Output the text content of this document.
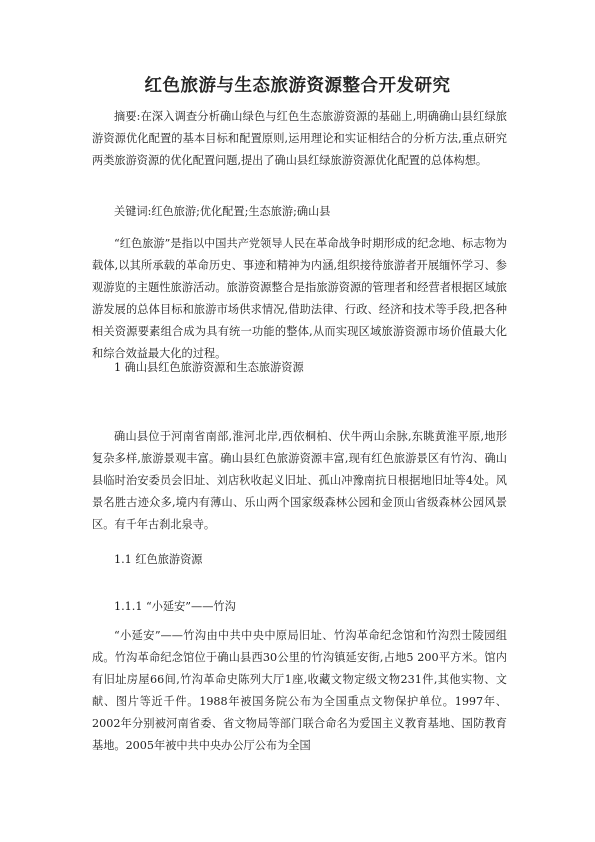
红色旅游与生态旅游资源整合开发研究

摘要:在深入调查分析确山绿色与红色生态旅游资源的基础上,明确确山县红绿旅游资源优化配置的基本目标和配置原则,运用理论和实证相结合的分析方法,重点研究两类旅游资源的优化配置问题,提出了确山县红绿旅游资源优化配置的总体构想。

关键词:红色旅游;优化配置;生态旅游;确山县

“红色旅游”是指以中国共产党领导人民在革命战争时期形成的纪念地、标志物为载体,以其所承载的革命历史、事迹和精神为内涵,组织接待旅游者开展缅怀学习、参观游览的主题性旅游活动。旅游资源整合是指旅游资源的管理者和经营者根据区域旅游发展的总体目标和旅游市场供求情况,借助法律、行政、经济和技术等手段,把各种相关资源要素组合成为具有统一功能的整体,从而实现区域旅游资源市场价值最大化和综合效益最大化的过程。

1 确山县红色旅游资源和生态旅游资源

确山县位于河南省南部,淮河北岸,西依桐柏、伏牛两山余脉,东眺黄淮平原,地形复杂多样,旅游景观丰富。确山县红色旅游资源丰富,现有红色旅游景区有竹沟、确山县临时治安委员会旧址、刘店秋收起义旧址、孤山冲豫南抗日根据地旧址等4处。风景名胜古迹众多,境内有薄山、乐山两个国家级森林公园和金顶山省级森林公园风景区。有千年古刹北泉寺。

1.1 红色旅游资源

1.1.1 “小延安”——竹沟

“小延安”——竹沟由中共中央中原局旧址、竹沟革命纪念馆和竹沟烈士陵园组成。竹沟革命纪念馆位于确山县西30公里的竹沟镇延安街,占地5 200平方米。馆内有旧址房屋66间,竹沟革命史陈列大厅1座,收藏文物定级文物231件,其他实物、文献、图片等近千件。1988年被国务院公布为全国重点文物保护单位。1997年、2002年分别被河南省委、省文物局等部门联合命名为爱国主义教育基地、国防教育基地。2005年被中共中央办公厅公布为全国
